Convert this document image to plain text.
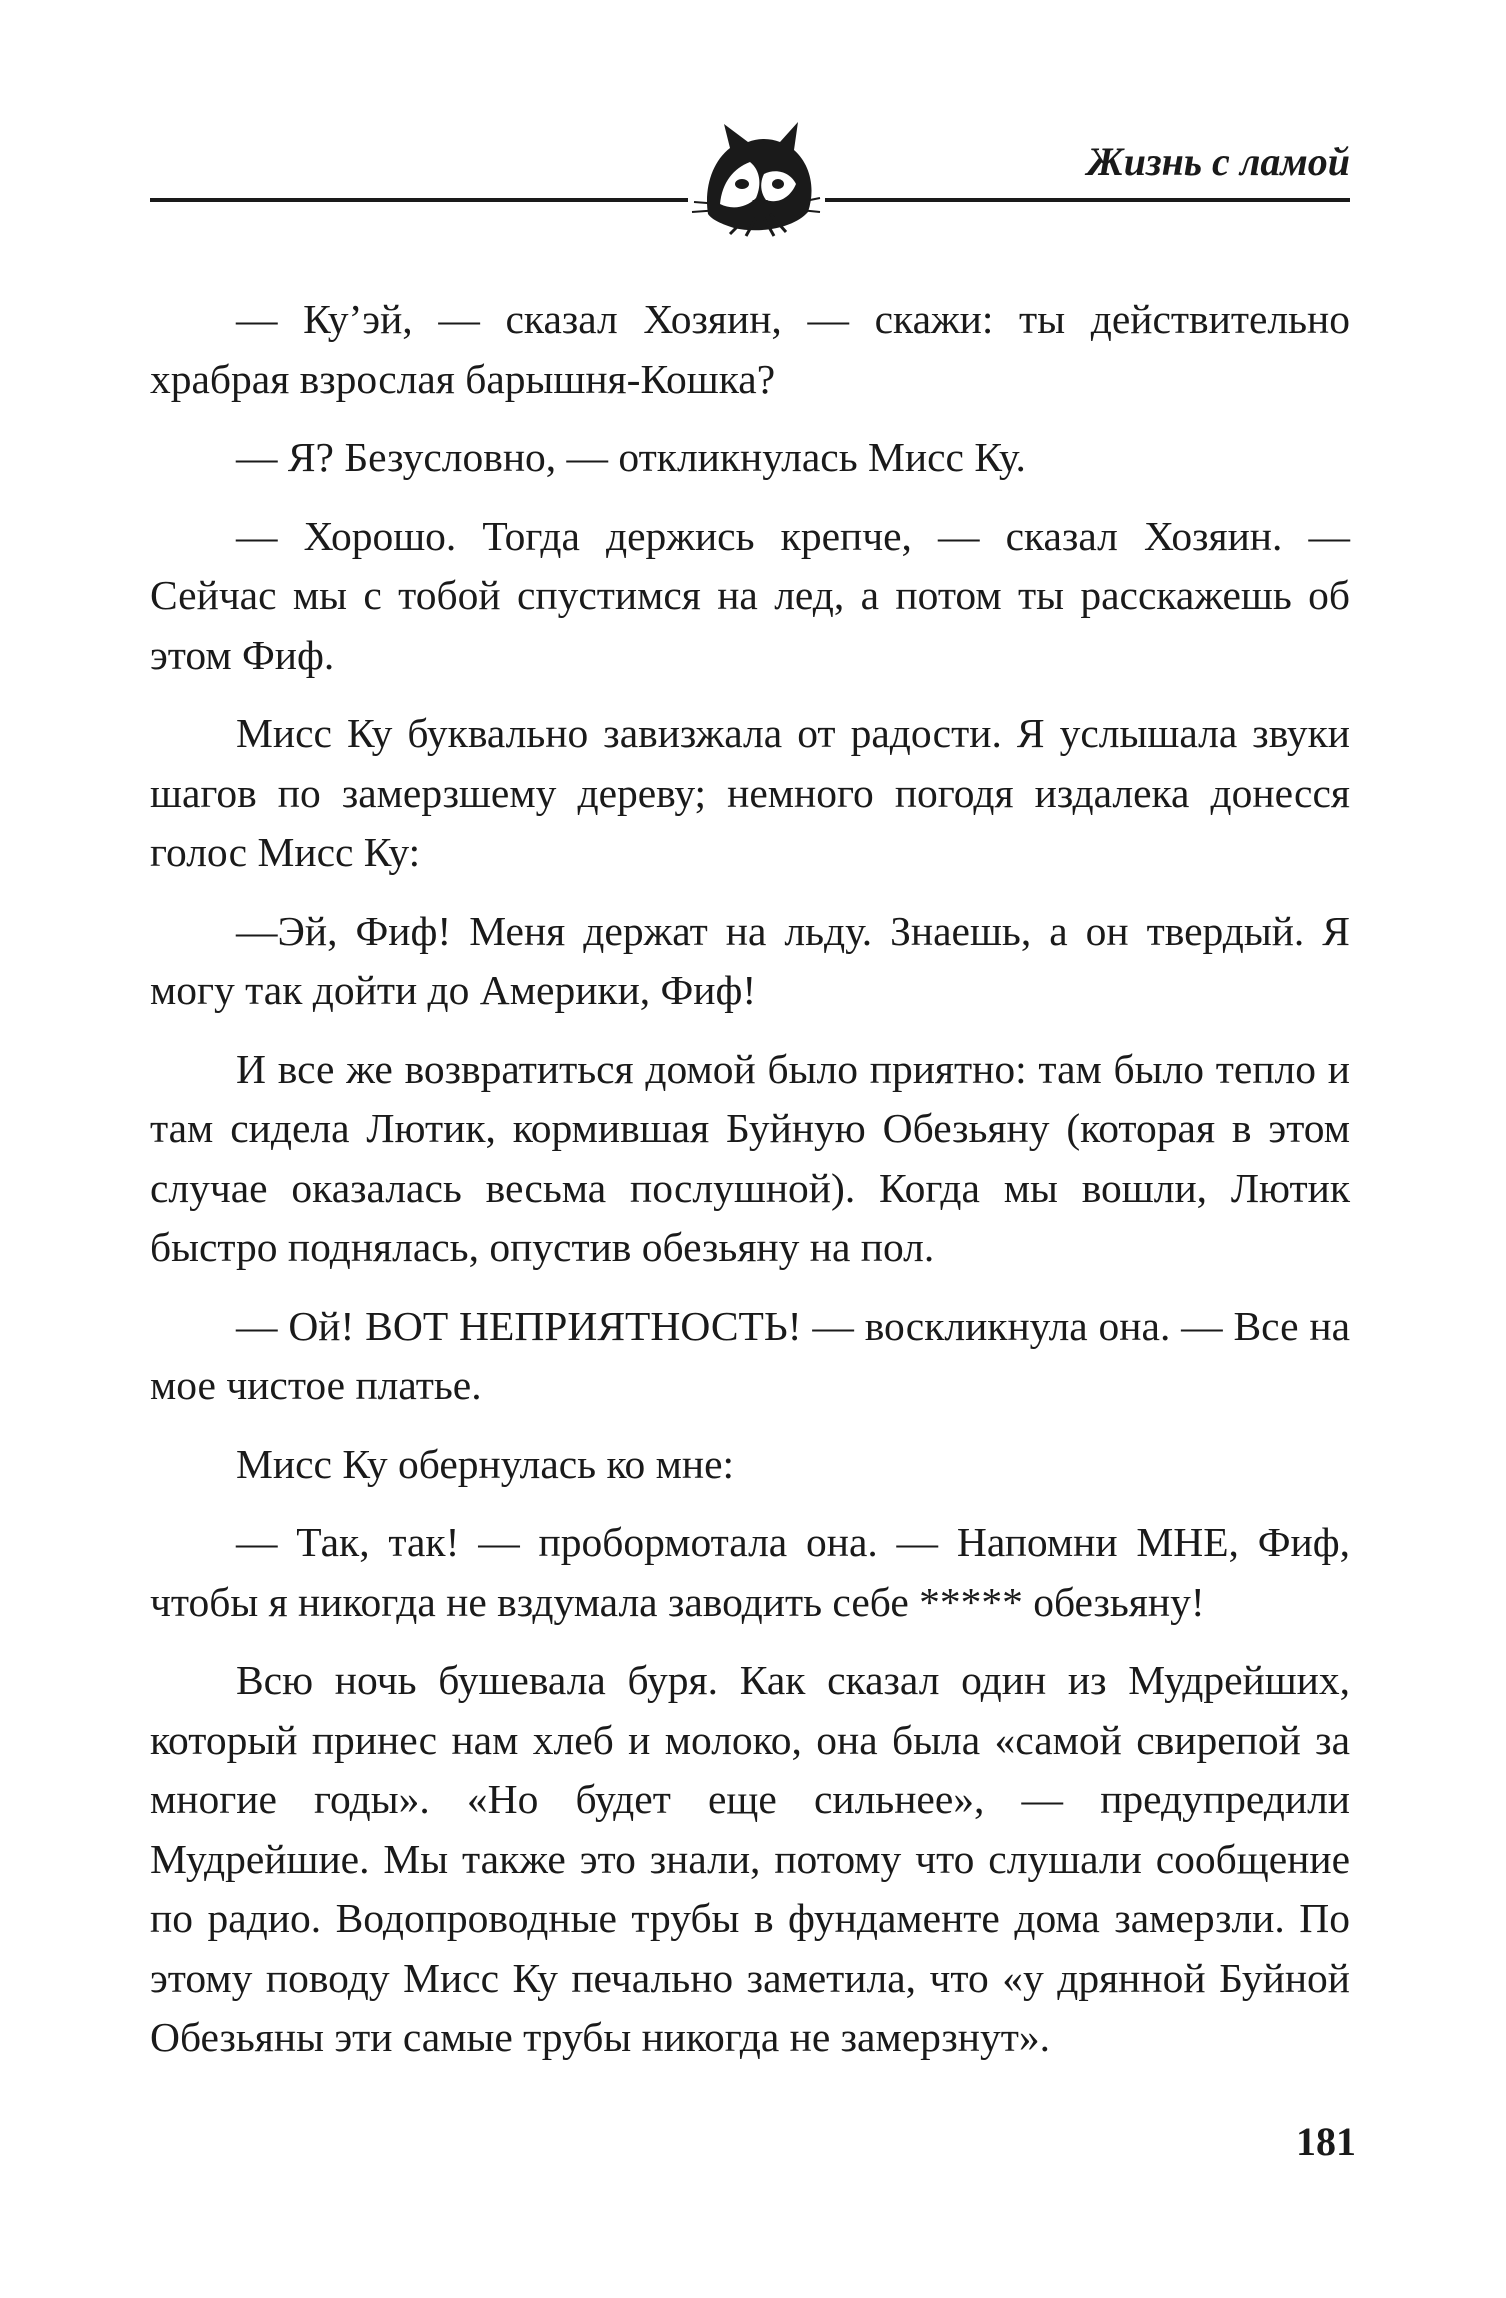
Жизнь с ламой

— Ку’эй, — сказал Хозяин, — скажи: ты действительно храбрая взрослая барышня-Кошка?

— Я? Безусловно, — откликнулась Мисс Ку.

— Хорошо. Тогда держись крепче, — сказал Хозяин. — Сейчас мы с тобой спустимся на лед, а потом ты расскажешь об этом Фиф.

Мисс Ку буквально завизжала от радости. Я услышала звуки шагов по замерзшему дереву; немного погодя издалека донесся голос Мисс Ку:

—Эй, Фиф! Меня держат на льду. Знаешь, а он твердый. Я могу так дойти до Америки, Фиф!

И все же возвратиться домой было приятно: там было тепло и там сидела Лютик, кормившая Буйную Обезьяну (которая в этом случае оказалась весьма послушной). Когда мы вошли, Лютик быстро поднялась, опустив обезьяну на пол.

— Ой! ВОТ НЕПРИЯТНОСТЬ! — воскликнула она. — Все на мое чистое платье.

Мисс Ку обернулась ко мне:

— Так, так! — пробормотала она. — Напомни МНЕ, Фиф, чтобы я никогда не вздумала заводить себе ***** обезьяну!

Всю ночь бушевала буря. Как сказал один из Мудрейших, который принес нам хлеб и молоко, она была «самой свирепой за многие годы». «Но будет еще сильнее», — предупредили Мудрейшие. Мы также это знали, потому что слушали сообщение по радио. Водопроводные трубы в фундаменте дома замерзли. По этому поводу Мисс Ку печально заметила, что «у дрянной Буйной Обезьяны эти самые трубы никогда не замерзнут».

181
